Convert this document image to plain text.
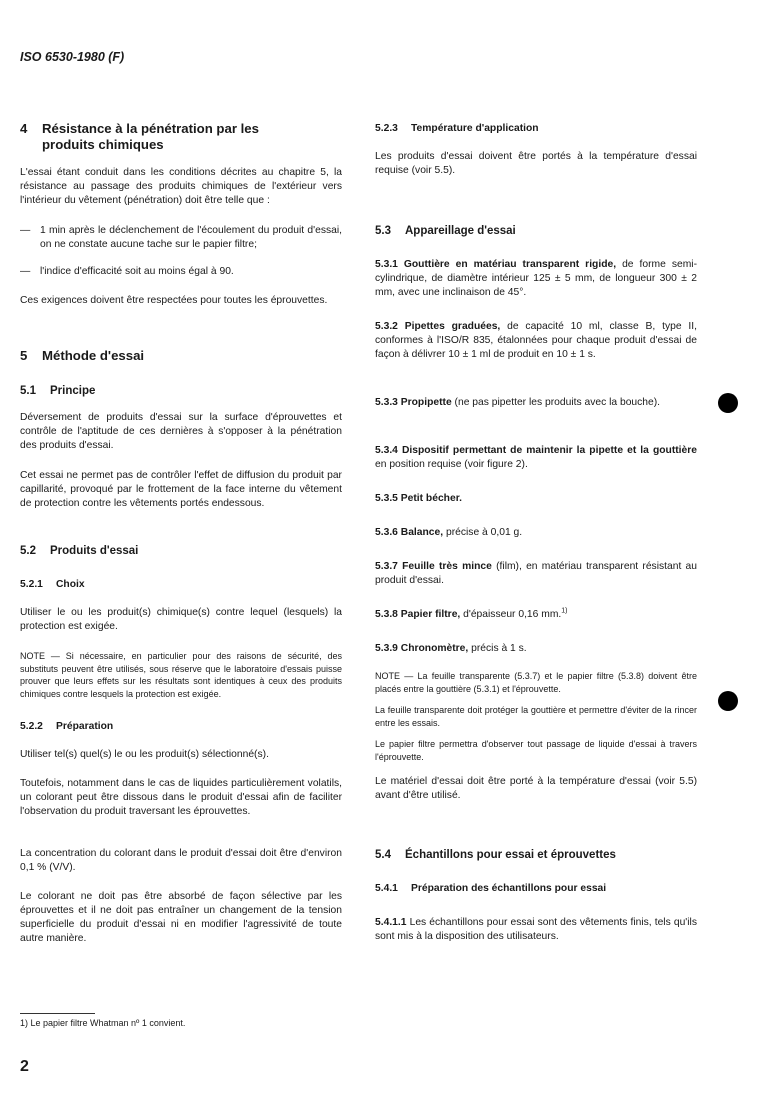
ISO 6530-1980 (F)
4 Résistance à la pénétration par les
produits chimiques

L'essai étant conduit dans les conditions décrites au chapitre 5, la résistance au passage des produits chimiques de l'extérieur vers l'intérieur du vêtement (pénétration) doit être telle que :

— 1 min après le déclenchement de l'écoulement du produit d'essai, on ne constate aucune tache sur le papier filtre;

— l'indice d'efficacité soit au moins égal à 90.

Ces exigences doivent être respectées pour toutes les éprouvettes.

5 Méthode d'essai
5.1 Principe

Déversement de produits d'essai sur la surface d'éprouvettes et contrôle de l'aptitude de ces dernières à s'opposer à la pénétration des produits d'essai.

Cet essai ne permet pas de contrôler l'effet de diffusion du produit par capillarité, provoqué par le frottement de la face interne du vêtement de protection contre les vêtements portés endessous.

5.2 Produits d'essai
5.2.1 Choix

Utiliser le ou les produit(s) chimique(s) contre lequel (lesquels) la protection est exigée.

NOTE — Si nécessaire, en particulier pour des raisons de sécurité, des substituts peuvent être utilisés, sous réserve que le laboratoire d'essais puisse prouver que leurs effets sur les résultats sont identiques à ceux des produits chimiques contre lesquels la protection est exigée.

5.2.2 Préparation

Utiliser tel(s) quel(s) le ou les produit(s) sélectionné(s).

Toutefois, notamment dans le cas de liquides particulièrement volatils, un colorant peut être dissous dans le produit d'essai afin de faciliter l'observation du produit traversant les éprouvettes.

La concentration du colorant dans le produit d'essai doit être d'environ 0,1 % (V/V).

Le colorant ne doit pas être absorbé de façon sélective par les éprouvettes et il ne doit pas entraîner un changement de la tension superficielle du produit d'essai ni en modifier l'agressivité de toute autre manière.

5.2.3 Température d'application

Les produits d'essai doivent être portés à la température d'essai requise (voir 5.5).

5.3 Appareillage d'essai

5.3.1 Gouttière en matériau transparent rigide, de forme semi-cylindrique, de diamètre intérieur 125 ± 5 mm, de longueur 300 ± 2 mm, avec une inclinaison de 45°.

5.3.2 Pipettes graduées, de capacité 10 ml, classe B, type II, conformes à l'ISO/R 835, étalonnées pour chaque produit d'essai de façon à délivrer 10 ± 1 ml de produit en 10 ± 1 s.

5.3.3 Propipette (ne pas pipetter les produits avec la bouche).

5.3.4 Dispositif permettant de maintenir la pipette et la gouttière en position requise (voir figure 2).

5.3.5 Petit bécher.

5.3.6 Balance, précise à 0,01 g.

5.3.7 Feuille très mince (film), en matériau transparent résistant au produit d'essai.

5.3.8 Papier filtre, d'épaisseur 0,16 mm.$^{1)}$

5.3.9 Chronomètre, précis à 1 s.

NOTE — La feuille transparente (5.3.7) et le papier filtre (5.3.8) doivent être placés entre la gouttière (5.3.1) et l'éprouvette.

La feuille transparente doit protéger la gouttière et permettre d'éviter de la rincer entre les essais.

Le papier filtre permettra d'observer tout passage de liquide d'essai à travers l'éprouvette.

Le matériel d'essai doit être porté à la température d'essai (voir 5.5) avant d'être utilisé.

5.4 Échantillons pour essai et éprouvettes
5.4.1 Préparation des échantillons pour essai

5.4.1.1 Les échantillons pour essai sont des vêtements finis, tels qu'ils sont mis à la disposition des utilisateurs.

1) Le papier filtre Whatman nº 1 convient.
2
